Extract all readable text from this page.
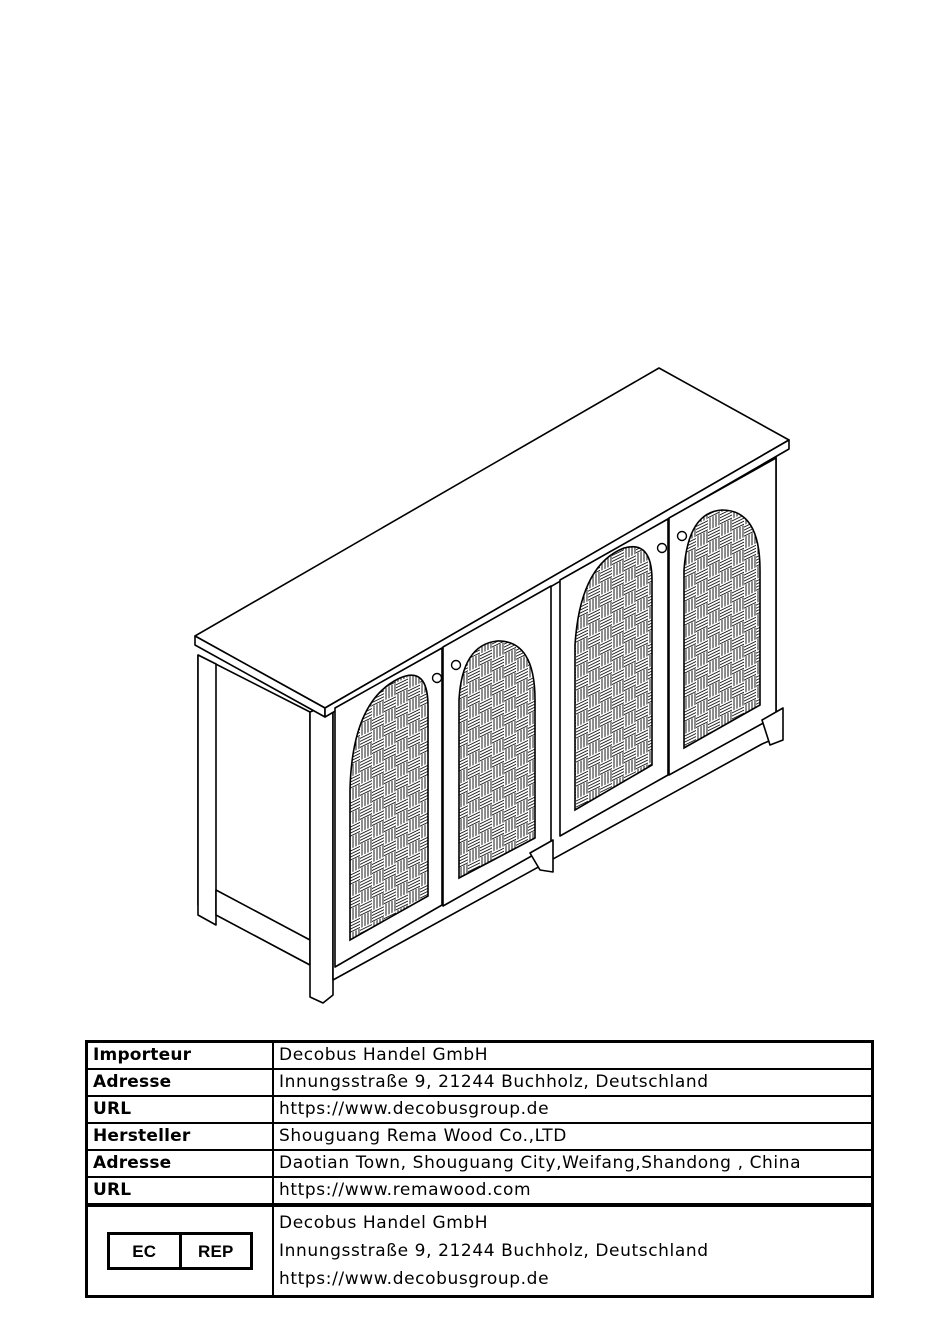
Importeur	Decobus Handel GmbH
Adresse	Innungsstraße 9, 21244 Buchholz, Deutschland
URL	https://www.decobusgroup.de
Hersteller	Shouguang Rema Wood Co.,LTD
Adresse	Daotian Town, Shouguang City,Weifang,Shandong , China
URL	https://www.remawood.com

EC REP	Decobus Handel GmbH
Innungsstraße 9, 21244 Buchholz, Deutschland
https://www.decobusgroup.de
